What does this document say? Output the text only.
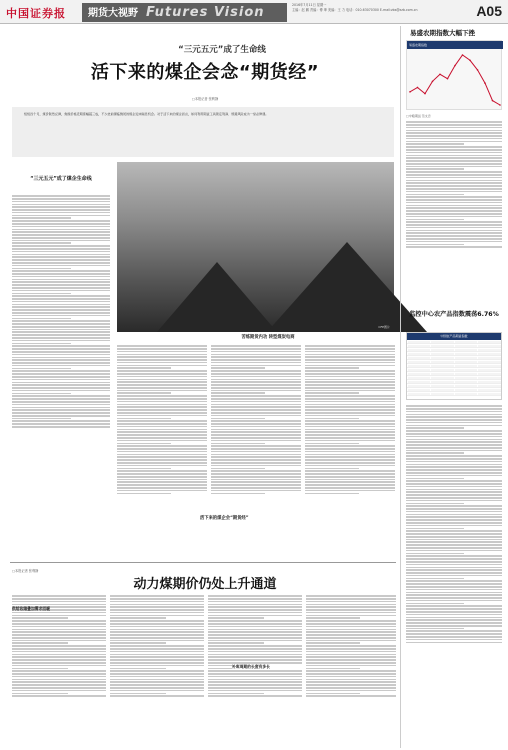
中国证券报	期货大视野 Futures Vision	2016年7月11日 星期一
主编：赵 鹏 责编：傅 坤 美编：王 力 电话：010-63070300 E-mail:zbs@zzb.com.cn	A05
“三元五元”成了生命线
活下来的煤企会念“期货经”
□本报记者 张利静
短短四个月，煤价陡然反弹，焦煤价格近期涨幅超三成，不少此前濒临倒闭的煤企迎来喘息机会。对于活下来的煤企而言，如何利用期货工具锁定利润、规避风险成为一堂必修课。
“三元五元”成了煤企生命线
CFP图片
苦练期货内功 转型煤炭电商
活下来的煤企会“期货经”
□本报记者 张利静
动力煤期价仍处上升通道
供给收缩叠加需求回暖
补库周期的长度有多长
易盛农期指数大幅下挫
易盛农期指数
□中粮期货 范文忠
监控中心农产品指数震荡6.76%
中国农产品期货指数
